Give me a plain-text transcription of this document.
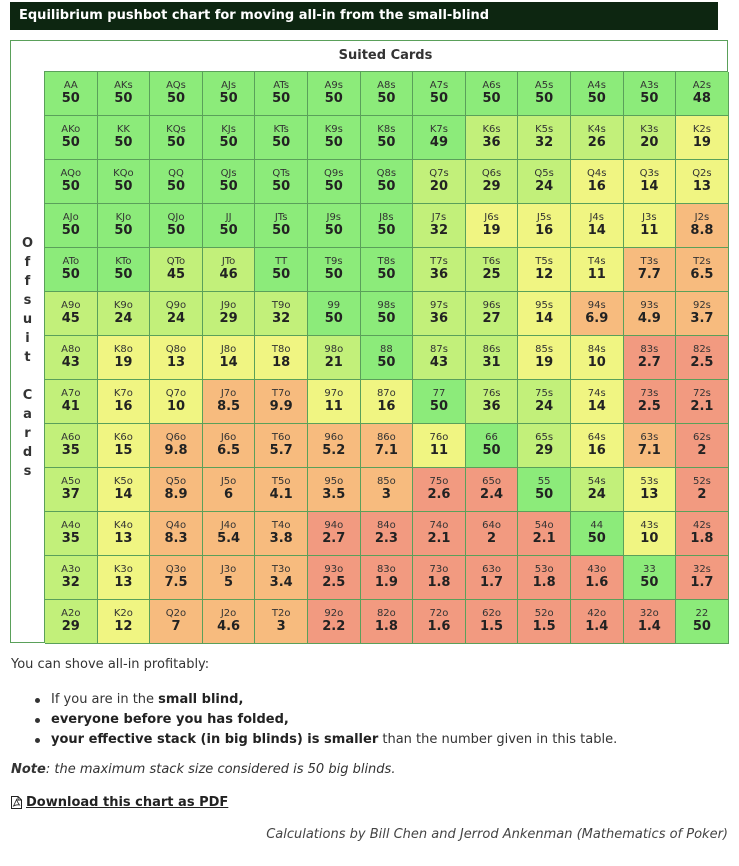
Equilibrium pushbot chart for moving all-in from the small-blind
Suited Cards
O
f
f
s
u
i
t

C
a
r
d
s
AA
50
AKs
50
AQs
50
AJs
50
ATs
50
A9s
50
A8s
50
A7s
50
A6s
50
A5s
50
A4s
50
A3s
50
A2s
48
AKo
50
KK
50
KQs
50
KJs
50
KTs
50
K9s
50
K8s
50
K7s
49
K6s
36
K5s
32
K4s
26
K3s
20
K2s
19
AQo
50
KQo
50
QQ
50
QJs
50
QTs
50
Q9s
50
Q8s
50
Q7s
20
Q6s
29
Q5s
24
Q4s
16
Q3s
14
Q2s
13
AJo
50
KJo
50
QJo
50
JJ
50
JTs
50
J9s
50
J8s
50
J7s
32
J6s
19
J5s
16
J4s
14
J3s
11
J2s
8.8
ATo
50
KTo
50
QTo
45
JTo
46
TT
50
T9s
50
T8s
50
T7s
36
T6s
25
T5s
12
T4s
11
T3s
7.7
T2s
6.5
A9o
45
K9o
24
Q9o
24
J9o
29
T9o
32
99
50
98s
50
97s
36
96s
27
95s
14
94s
6.9
93s
4.9
92s
3.7
A8o
43
K8o
19
Q8o
13
J8o
14
T8o
18
98o
21
88
50
87s
43
86s
31
85s
19
84s
10
83s
2.7
82s
2.5
A7o
41
K7o
16
Q7o
10
J7o
8.5
T7o
9.9
97o
11
87o
16
77
50
76s
36
75s
24
74s
14
73s
2.5
72s
2.1
A6o
35
K6o
15
Q6o
9.8
J6o
6.5
T6o
5.7
96o
5.2
86o
7.1
76o
11
66
50
65s
29
64s
16
63s
7.1
62s
2
A5o
37
K5o
14
Q5o
8.9
J5o
6
T5o
4.1
95o
3.5
85o
3
75o
2.6
65o
2.4
55
50
54s
24
53s
13
52s
2
A4o
35
K4o
13
Q4o
8.3
J4o
5.4
T4o
3.8
94o
2.7
84o
2.3
74o
2.1
64o
2
54o
2.1
44
50
43s
10
42s
1.8
A3o
32
K3o
13
Q3o
7.5
J3o
5
T3o
3.4
93o
2.5
83o
1.9
73o
1.8
63o
1.7
53o
1.8
43o
1.6
33
50
32s
1.7
A2o
29
K2o
12
Q2o
7
J2o
4.6
T2o
3
92o
2.2
82o
1.8
72o
1.6
62o
1.5
52o
1.5
42o
1.4
32o
1.4
22
50
You can shove all-in profitably:
If you are in the small blind,
everyone before you has folded,
your effective stack (in big blinds) is smaller than the number given in this table.
Note: the maximum stack size considered is 50 big blinds.
Download this chart as PDF
Calculations by Bill Chen and Jerrod Ankenman (Mathematics of Poker)
